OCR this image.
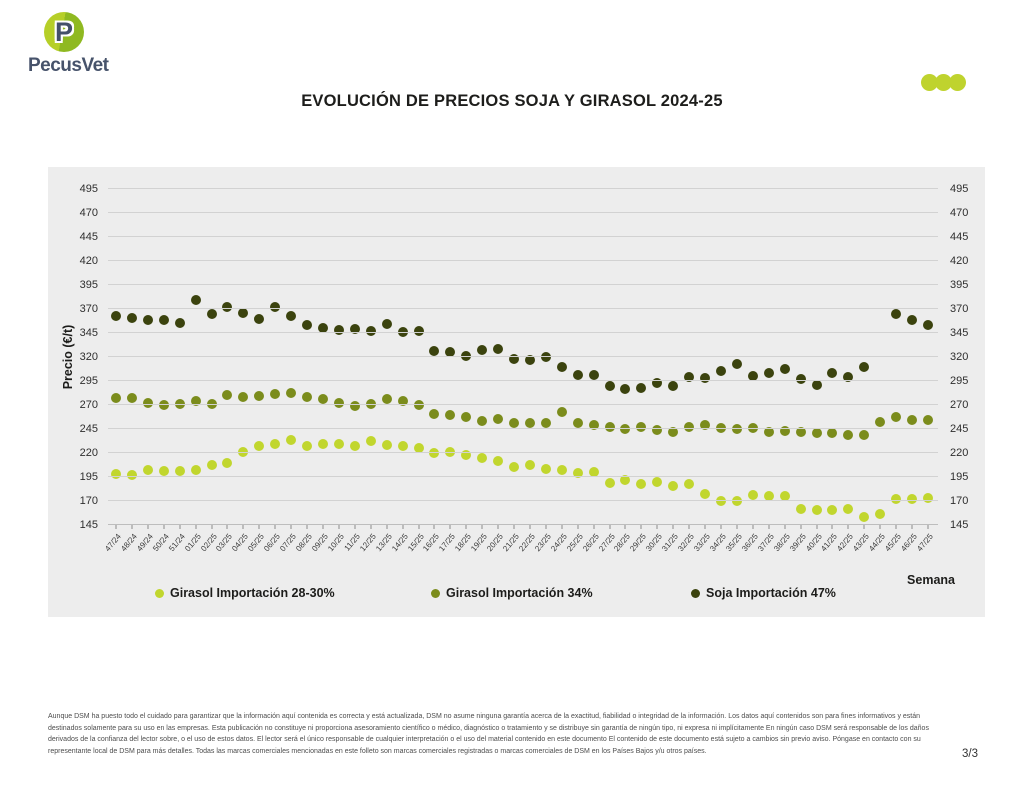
P
PecusVet
EVOLUCIÓN DE PRECIOS SOJA Y GIRASOL 2024-25
Precio (€/t)
47/24
48/24
49/24
50/24
51/24
01/25
02/25
03/25
04/25
05/25
06/25
07/25
08/25
09/25
10/25
11/25
12/25
13/25
14/25
15/25
16/25
17/25
18/25
19/25
20/25
21/25
22/25
23/25
24/25
25/25
26/25
27/25
28/25
29/25
30/25
31/25
32/25
33/25
34/25
35/25
36/25
37/25
38/25
39/25
40/25
41/25
42/25
43/25
44/25
45/25
46/25
47/25
145	145
170	170
195	195
220	220
245	245
270	270
295	295
320	320
345	345
370	370
395	395
420	420
445	445
470	470
495	495
Semana
Girasol Importación 28-30%	Girasol Importación 34%	Soja Importación 47%
Aunque DSM ha puesto todo el cuidado para garantizar que la información aquí contenida es correcta y está actualizada, DSM no asume ninguna garantía acerca de la exactitud, fiabilidad o integridad de la información. Los datos aquí contenidos son para fines informativos y están destinados solamente para su uso en las empresas. Esta publicación no constituye ni proporciona asesoramiento científico o médico, diagnóstico o tratamiento y se distribuye sin garantía de ningún tipo, ni expresa ni implícitamente En ningún caso DSM será responsable de los daños derivados de la confianza del lector sobre, o el uso de estos datos. El lector será el único responsable de cualquier interpretación o el uso del material contenido en este documento El contenido de este documento está sujeto a cambios sin previo aviso. Póngase en contacto con su representante local de DSM para más detalles. Todas las marcas comerciales mencionadas en este folleto son marcas comerciales registradas o marcas comerciales de DSM en los Países Bajos y/u otros países.	3/3
